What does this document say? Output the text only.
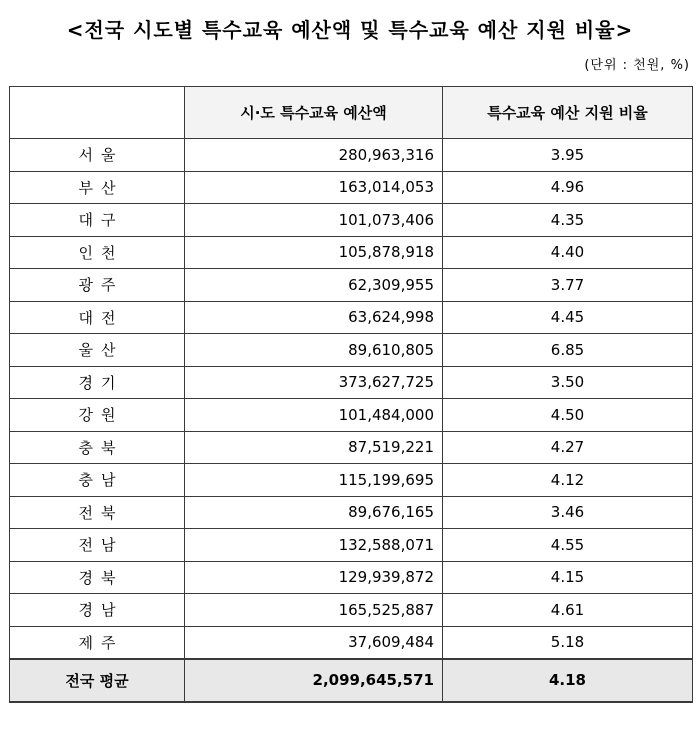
<전국 시도별 특수교육 예산액 및 특수교육 예산 지원 비율>
(단위 : 천원, %)
	시·도 특수교육 예산액	특수교육 예산 지원 비율
서울	280,963,316	3.95
부산	163,014,053	4.96
대구	101,073,406	4.35
인천	105,878,918	4.40
광주	62,309,955	3.77
대전	63,624,998	4.45
울산	89,610,805	6.85
경기	373,627,725	3.50
강원	101,484,000	4.50
충북	87,519,221	4.27
충남	115,199,695	4.12
전북	89,676,165	3.46
전남	132,588,071	4.55
경북	129,939,872	4.15
경남	165,525,887	4.61
제주	37,609,484	5.18
전국 평균	2,099,645,571	4.18
